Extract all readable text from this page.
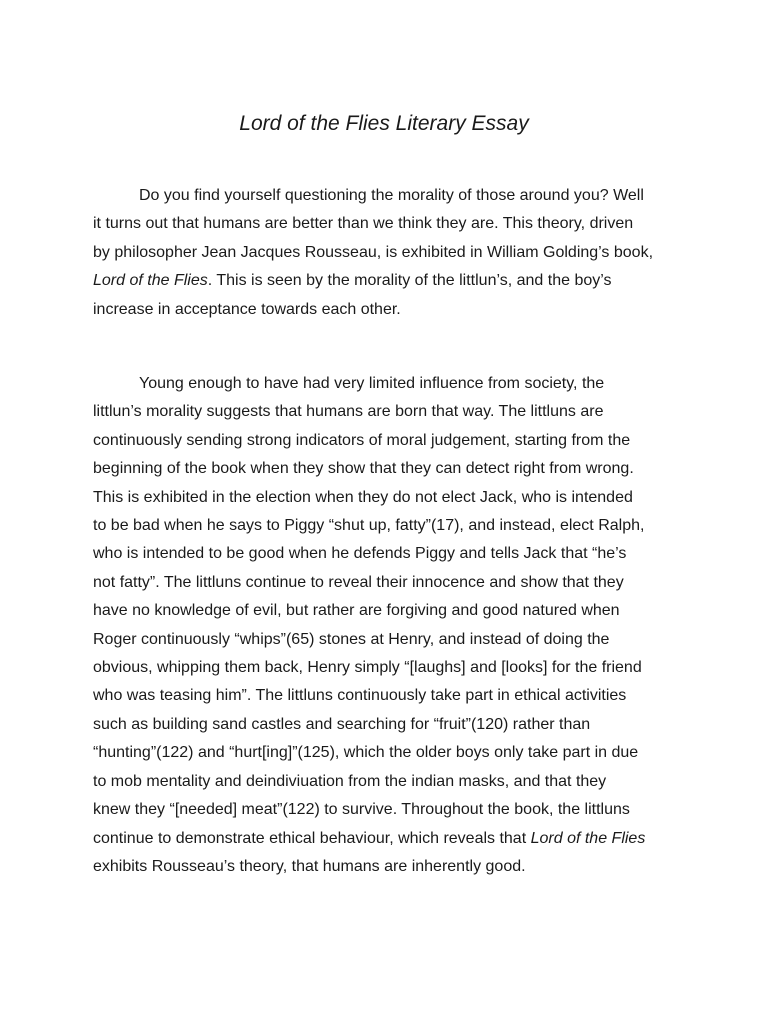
Lord of the Flies Literary Essay
Do you find yourself questioning the morality of those around you? Well
it turns out that humans are better than we think they are. This theory, driven
by philosopher Jean Jacques Rousseau, is exhibited in William Golding’s book,
Lord of the Flies. This is seen by the morality of the littlun’s, and the boy’s
increase in acceptance towards each other.
Young enough to have had very limited influence from society, the
littlun’s morality suggests that humans are born that way. The littluns are
continuously sending strong indicators of moral judgement, starting from the
beginning of the book when they show that they can detect right from wrong.
This is exhibited in the election when they do not elect Jack, who is intended
to be bad when he says to Piggy “shut up, fatty”(17), and instead, elect Ralph,
who is intended to be good when he defends Piggy and tells Jack that “he’s
not fatty”. The littluns continue to reveal their innocence and show that they
have no knowledge of evil, but rather are forgiving and good natured when
Roger continuously “whips”(65) stones at Henry, and instead of doing the
obvious, whipping them back, Henry simply “[laughs] and [looks] for the friend
who was teasing him”. The littluns continuously take part in ethical activities
such as building sand castles and searching for “fruit”(120) rather than
“hunting”(122) and “hurt[ing]”(125), which the older boys only take part in due
to mob mentality and deindiviuation from the indian masks, and that they
knew they “[needed] meat”(122) to survive. Throughout the book, the littluns
continue to demonstrate ethical behaviour, which reveals that Lord of the Flies
exhibits Rousseau’s theory, that humans are inherently good.
